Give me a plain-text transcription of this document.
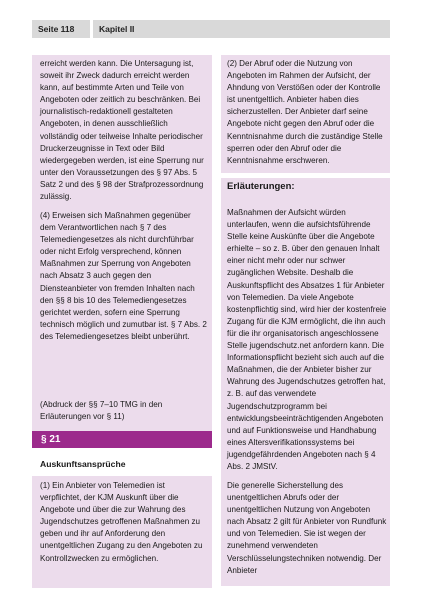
Seite 118	Kapitel II
erreicht werden kann. Die Untersagung ist, soweit ihr Zweck dadurch erreicht werden kann, auf bestimmte Arten und Teile von Angeboten oder zeitlich zu beschränken. Bei journalistisch-redaktionell gestalteten Angeboten, in denen ausschließlich vollständig oder teilweise Inhalte periodischer Druckerzeugnisse in Text oder Bild wiedergegeben werden, ist eine Sperrung nur unter den Voraussetzungen des § 97 Abs. 5 Satz 2 und des § 98 der Strafprozessordnung zulässig.
(4) Erweisen sich Maßnahmen gegenüber dem Verantwortlichen nach § 7 des Telemediengesetzes als nicht durchführbar oder nicht Erfolg versprechend, können Maßnahmen zur Sperrung von Angeboten nach Absatz 3 auch gegen den Diensteanbieter von fremden Inhalten nach den §§ 8 bis 10 des Telemediengesetzes gerichtet werden, sofern eine Sperrung technisch möglich und zumutbar ist. § 7 Abs. 2 des Telemediengesetzes bleibt unberührt.
(Abdruck der §§ 7–10 TMG in den Erläuterungen vor § 11)
§ 21
Auskunftsansprüche
(1) Ein Anbieter von Telemedien ist verpflichtet, der KJM Auskunft über die Angebote und über die zur Wahrung des Jugendschutzes getroffenen Maßnahmen zu geben und ihr auf Anforderung den unentgeltlichen Zugang zu den Angeboten zu Kontrollzwecken zu ermöglichen.
(2) Der Abruf oder die Nutzung von Angeboten im Rahmen der Aufsicht, der Ahndung von Verstößen oder der Kontrolle ist unentgeltlich. Anbieter haben dies sicherzustellen. Der Anbieter darf seine Angebote nicht gegen den Abruf oder die Kenntnisnahme durch die zuständige Stelle sperren oder den Abruf oder die Kenntnisnahme erschweren.
Erläuterungen:
Maßnahmen der Aufsicht würden unterlaufen, wenn die aufsichtsführende Stelle keine Auskünfte über die Angebote erhielte – so z. B. über den genauen Inhalt einer nicht mehr oder nur schwer zugänglichen Website. Deshalb die Auskunftspflicht des Absatzes 1 für Anbieter von Telemedien. Da viele Angebote kostenpflichtig sind, wird hier der kostenfreie Zugang für die KJM ermöglicht, die ihn auch für die ihr organisatorisch angeschlossene Stelle jugendschutz.net anfordern kann. Die Informationspflicht bezieht sich auch auf die Maßnahmen, die der Anbieter bisher zur Wahrung des Jugendschutzes getroffen hat, z. B. auf das verwendete Jugendschutzprogramm bei entwicklungsbeeinträchtigenden Angeboten und auf Funktionsweise und Handhabung eines Altersverifikationssystems bei jugendgefährdenden Angeboten nach § 4 Abs. 2 JMStV.
Die generelle Sicherstellung des unentgeltlichen Abrufs oder der unentgeltlichen Nutzung von Angeboten nach Absatz 2 gilt für Anbieter von Rundfunk und von Telemedien. Sie ist wegen der zunehmend verwendeten Verschlüsselungstechniken notwendig. Der Anbieter
